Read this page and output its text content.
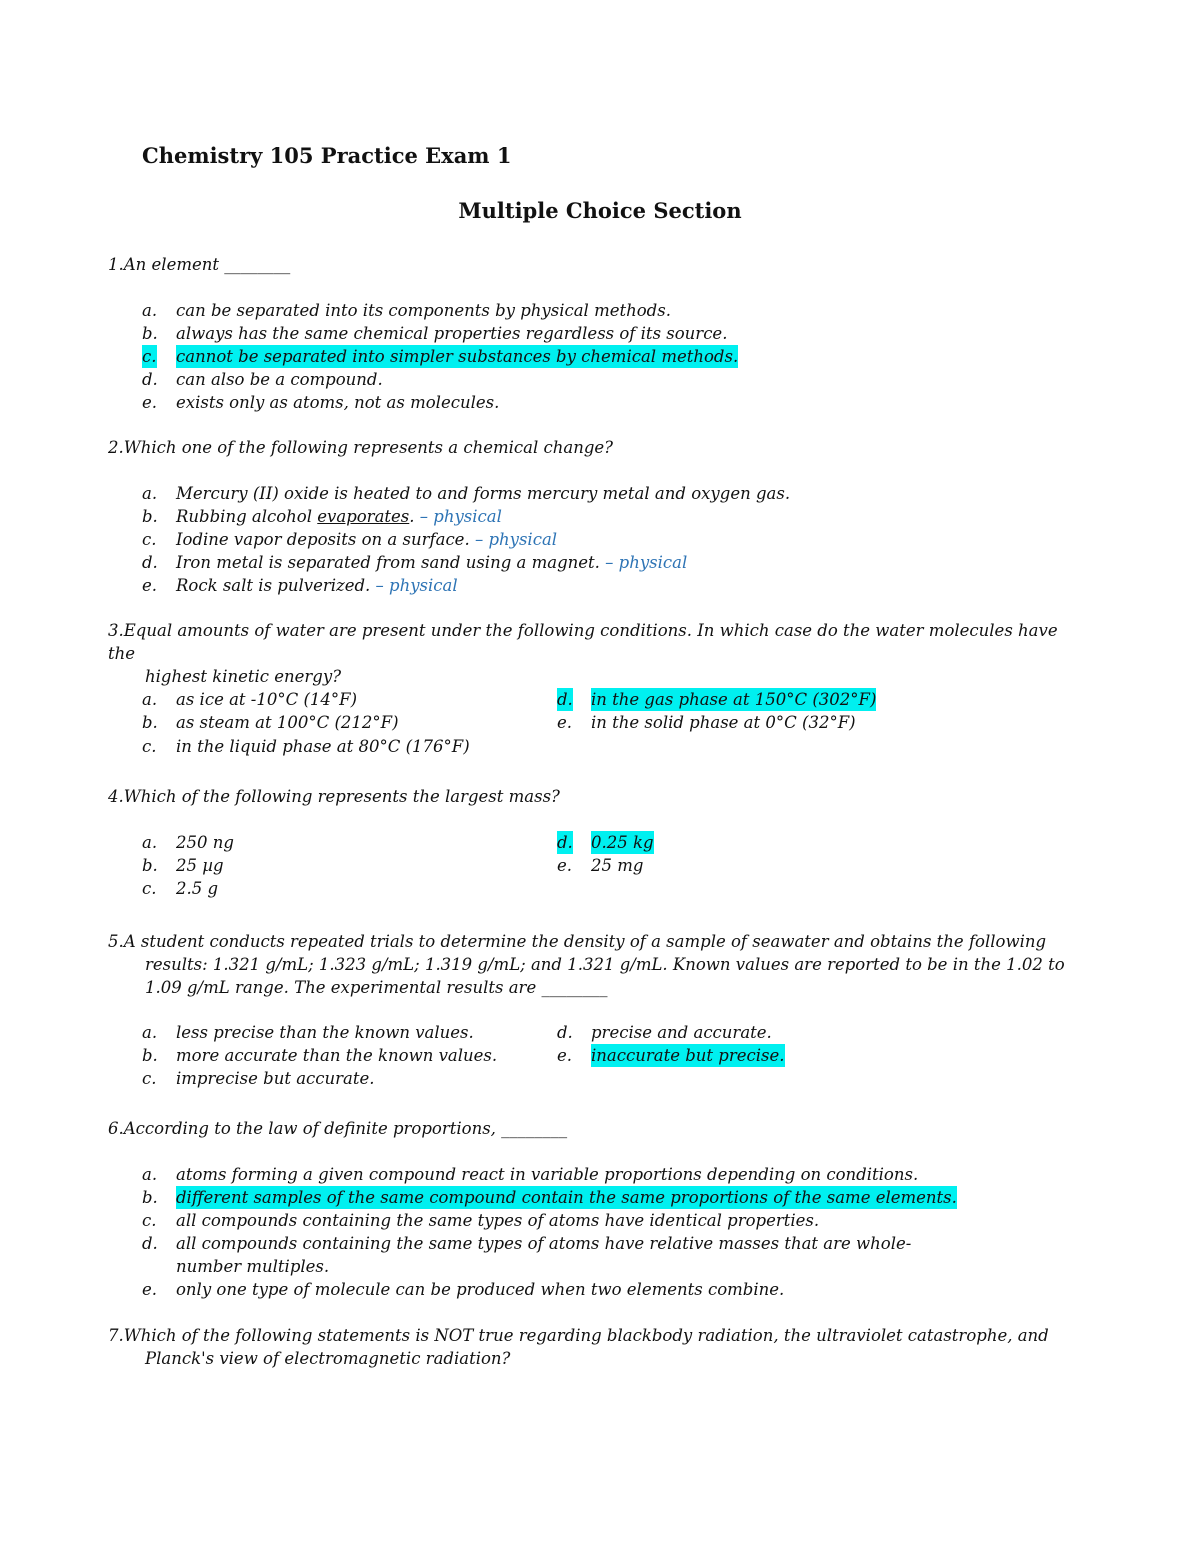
Chemistry 105 Practice Exam 1
Multiple Choice Section
1.An element ________
a. can be separated into its components by physical methods.
b. always has the same chemical properties regardless of its source.
c. cannot be separated into simpler substances by chemical methods.
d. can also be a compound.
e. exists only as atoms, not as molecules.
2.Which one of the following represents a chemical change?
a. Mercury (II) oxide is heated to and forms mercury metal and oxygen gas.
b. Rubbing alcohol evaporates. – physical
c. Iodine vapor deposits on a surface. – physical
d. Iron metal is separated from sand using a magnet. – physical
e. Rock salt is pulverized. – physical
3.Equal amounts of water are present under the following conditions. In which case do the water molecules have the
highest kinetic energy?
a. as ice at -10°C (14°F)
b. as steam at 100°C (212°F)
c. in the liquid phase at 80°C (176°F)
d. in the gas phase at 150°C (302°F)
e. in the solid phase at 0°C (32°F)
4.Which of the following represents the largest mass?
a. 250 ng
b. 25 µg
c. 2.5 g
d. 0.25 kg
e. 25 mg
5.A student conducts repeated trials to determine the density of a sample of seawater and obtains the following
results: 1.321 g/mL; 1.323 g/mL; 1.319 g/mL; and 1.321 g/mL. Known values are reported to be in the 1.02 to
1.09 g/mL range. The experimental results are ________
a. less precise than the known values.
b. more accurate than the known values.
c. imprecise but accurate.
d. precise and accurate.
e. inaccurate but precise.
6.According to the law of definite proportions, ________
a. atoms forming a given compound react in variable proportions depending on conditions.
b. different samples of the same compound contain the same proportions of the same elements.
c. all compounds containing the same types of atoms have identical properties.
d. all compounds containing the same types of atoms have relative masses that are whole-number multiples.
e. only one type of molecule can be produced when two elements combine.
7.Which of the following statements is NOT true regarding blackbody radiation, the ultraviolet catastrophe, and
Planck's view of electromagnetic radiation?
